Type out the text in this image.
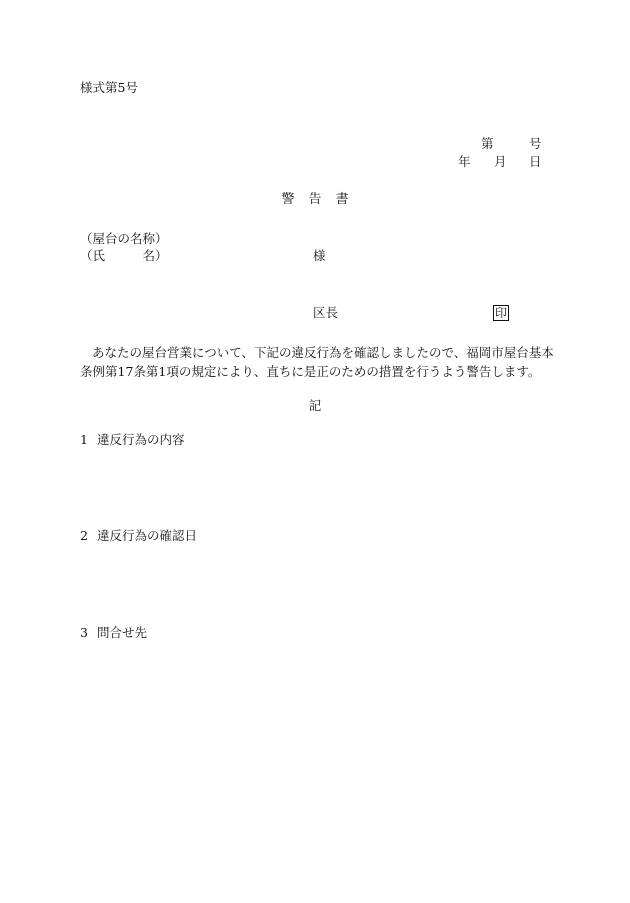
様式第5号
第	号
年 月 日
警告書
（屋台の名称）
（氏　　　名）	様
区長	印
あなたの屋台営業について、下記の違反行為を確認しましたので、福岡市屋台基本条例第17条第1項の規定により、直ちに是正のための措置を行うよう警告します。
記
1 違反行為の内容
2 違反行為の確認日
3 問合せ先
